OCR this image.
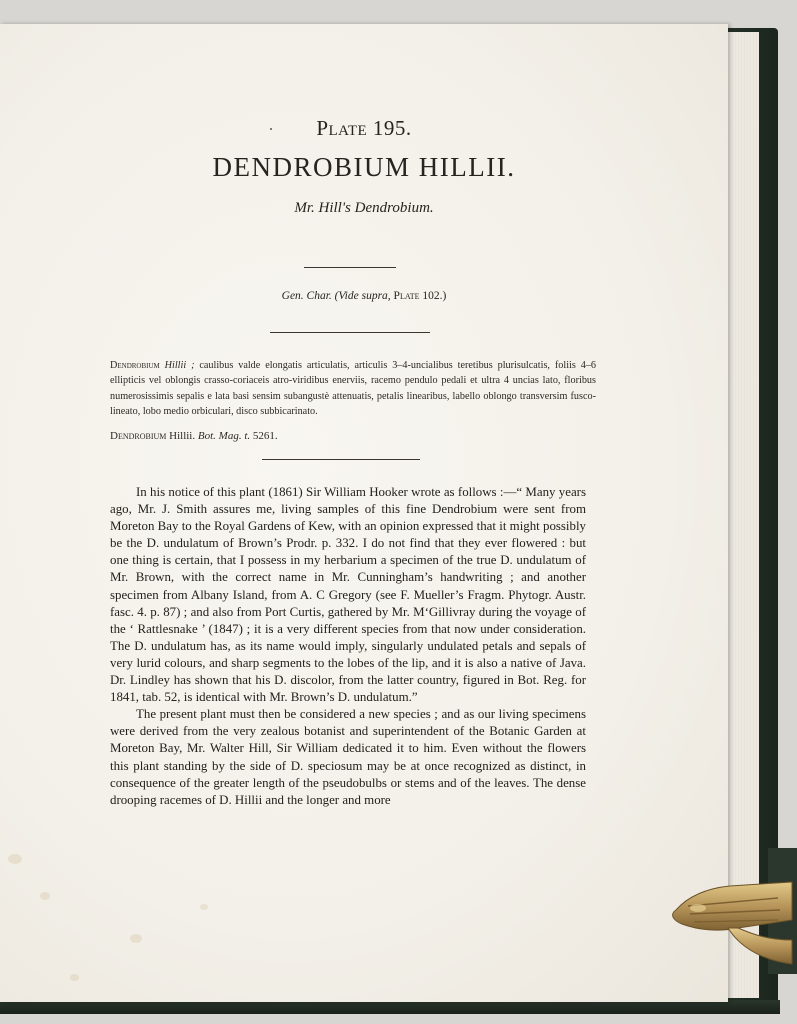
Plate 195.
DENDROBIUM HILLII.
Mr. Hill's Dendrobium.
Gen. Char. (Vide supra, Plate 102.)
Dendrobium Hillii ; caulibus valde elongatis articulatis, articulis 3–4-uncialibus teretibus plurisulcatis, foliis 4–6 ellipticis vel oblongis crasso-coriaceis atro-viridibus enerviis, racemo pendulo pedali et ultra 4 uncias lato, floribus numerosissimis sepalis e lata basi sensim subangustè attenuatis, petalis linearibus, labello oblongo transversim fusco-lineato, lobo medio orbiculari, disco subbicarinato.
Dendrobium Hillii. Bot. Mag. t. 5261.

In his notice of this plant (1861) Sir William Hooker wrote as follows :—“ Many years ago, Mr. J. Smith assures me, living samples of this fine Dendrobium were sent from Moreton Bay to the Royal Gardens of Kew, with an opinion expressed that it might possibly be the D. undulatum of Brown’s Prodr. p. 332. I do not find that they ever flowered : but one thing is certain, that I possess in my herbarium a specimen of the true D. undulatum of Mr. Brown, with the correct name in Mr. Cunningham’s handwriting ; and another specimen from Albany Island, from A. C Gregory (see F. Mueller’s Fragm. Phytogr. Austr. fasc. 4. p. 87) ; and also from Port Curtis, gathered by Mr. M‘Gillivray during the voyage of the ‘ Rattlesnake ’ (1847) ; it is a very different species from that now under consideration. The D. undulatum has, as its name would imply, singularly undulated petals and sepals of very lurid colours, and sharp segments to the lobes of the lip, and it is also a native of Java. Dr. Lindley has shown that his D. discolor, from the latter country, figured in Bot. Reg. for 1841, tab. 52, is identical with Mr. Brown’s D. undulatum.”

The present plant must then be considered a new species ; and as our living specimens were derived from the very zealous botanist and superintendent of the Botanic Garden at Moreton Bay, Mr. Walter Hill, Sir William dedicated it to him. Even without the flowers this plant standing by the side of D. speciosum may be at once recognized as distinct, in consequence of the greater length of the pseudobulbs or stems and of the leaves. The dense drooping racemes of D. Hillii and the longer and more
